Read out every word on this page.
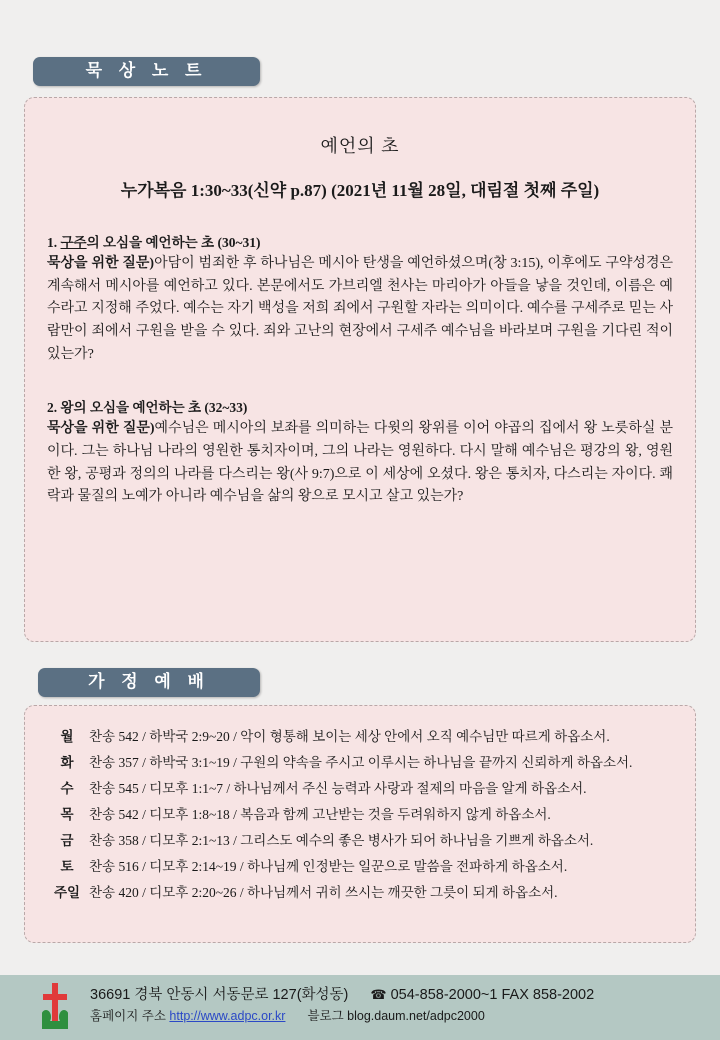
묵 상 노 트
예언의 초
누가복음 1:30~33(신약 p.87) (2021년 11월 28일, 대림절 첫째 주일)

1. 구주의 오심을 예언하는 초 (30~31)

묵상을 위한 질문)아담이 범죄한 후 하나님은 메시아 탄생을 예언하셨으며(창 3:15), 이후에도 구약성경은 계속해서 메시아를 예언하고 있다. 본문에서도 가브리엘 천사는 마리아가 아들을 낳을 것인데, 이름은 예수라고 지정해 주었다. 예수는 자기 백성을 저희 죄에서 구원할 자라는 의미이다. 예수를 구세주로 믿는 사람만이 죄에서 구원을 받을 수 있다. 죄와 고난의 현장에서 구세주 예수님을 바라보며 구원을 기다린 적이 있는가?

2. 왕의 오심을 예언하는 초 (32~33)

묵상을 위한 질문)예수님은 메시아의 보좌를 의미하는 다윗의 왕위를 이어 야곱의 집에서 왕 노릇하실 분이다. 그는 하나님 나라의 영원한 통치자이며, 그의 나라는 영원하다. 다시 말해 예수님은 평강의 왕, 영원한 왕, 공평과 정의의 나라를 다스리는 왕(사 9:7)으로 이 세상에 오셨다. 왕은 통치자, 다스리는 자이다. 쾌락과 물질의 노예가 아니라 예수님을 삶의 왕으로 모시고 살고 있는가?

가 정 예 배
월	찬송 542 / 하박국 2:9~20 / 악이 형통해 보이는 세상 안에서 오직 예수님만 따르게 하옵소서.
화	찬송 357 / 하박국 3:1~19 / 구원의 약속을 주시고 이루시는 하나님을 끝까지 신뢰하게 하옵소서.
수	찬송 545 / 디모후 1:1~7 / 하나님께서 주신 능력과 사랑과 절제의 마음을 알게 하옵소서.
목	찬송 542 / 디모후 1:8~18 / 복음과 함께 고난받는 것을 두려워하지 않게 하옵소서.
금	찬송 358 / 디모후 2:1~13 / 그리스도 예수의 좋은 병사가 되어 하나님을 기쁘게 하옵소서.
토	찬송 516 / 디모후 2:14~19 / 하나님께 인정받는 일꾼으로 말씀을 전파하게 하옵소서.
주일	찬송 420 / 디모후 2:20~26 / 하나님께서 귀히 쓰시는 깨끗한 그릇이 되게 하옵소서.
36691 경북 안동시 서동문로 127(화성동) ☎ 054-858-2000~1 FAX 858-2002
홈페이지 주소 http://www.adpc.or.kr 블로그 blog.daum.net/adpc2000
